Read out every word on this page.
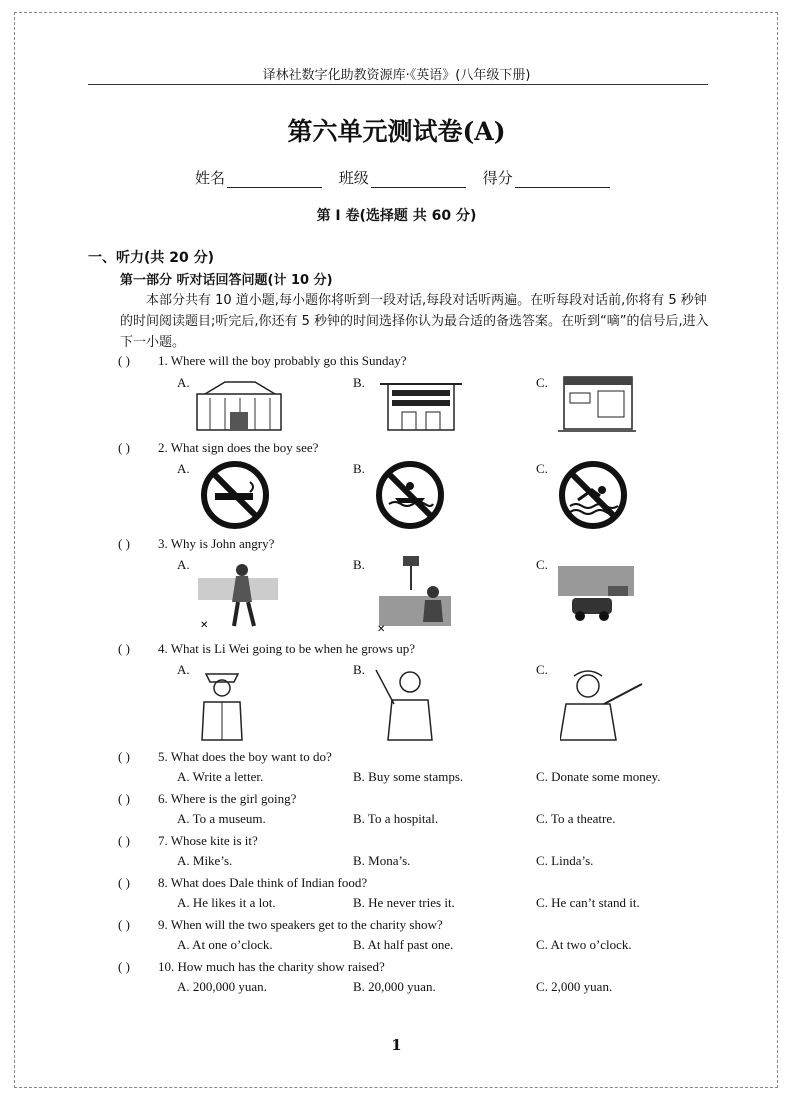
译林社数字化助教资源库·《英语》(八年级下册)
第六单元测试卷(A)
姓名	班级	得分
第 I 卷(选择题 共 60 分)
一、听力(共 20 分)
第一部分 听对话回答问题(计 10 分)
本部分共有 10 道小题,每小题你将听到一段对话,每段对话听两遍。在听每段对话前,你将有 5 秒钟的时间阅读题目;听完后,你还有 5 秒钟的时间选择你认为最合适的备选答案。在听到“嘀”的信号后,进入下一小题。
( ) 1. Where will the boy probably go this Sunday?
A.	B.	C.
( ) 2. What sign does the boy see?
A.	B.	C.
( ) 3. Why is John angry?
A.	B.	C.
✕	✕
( ) 4. What is Li Wei going to be when he grows up?
A.	B.	C.
( ) 5. What does the boy want to do?
A. Write a letter.	B. Buy some stamps.	C. Donate some money.
( ) 6. Where is the girl going?
A. To a museum.	B. To a hospital.	C. To a theatre.
( ) 7. Whose kite is it?
A. Mike’s.	B. Mona’s.	C. Linda’s.
( ) 8. What does Dale think of Indian food?
A. He likes it a lot.	B. He never tries it.	C. He can’t stand it.
( ) 9. When will the two speakers get to the charity show?
A. At one o’clock.	B. At half past one.	C. At two o’clock.
( ) 10. How much has the charity show raised?
A. 200,000 yuan.	B. 20,000 yuan.	C. 2,000 yuan.
1
